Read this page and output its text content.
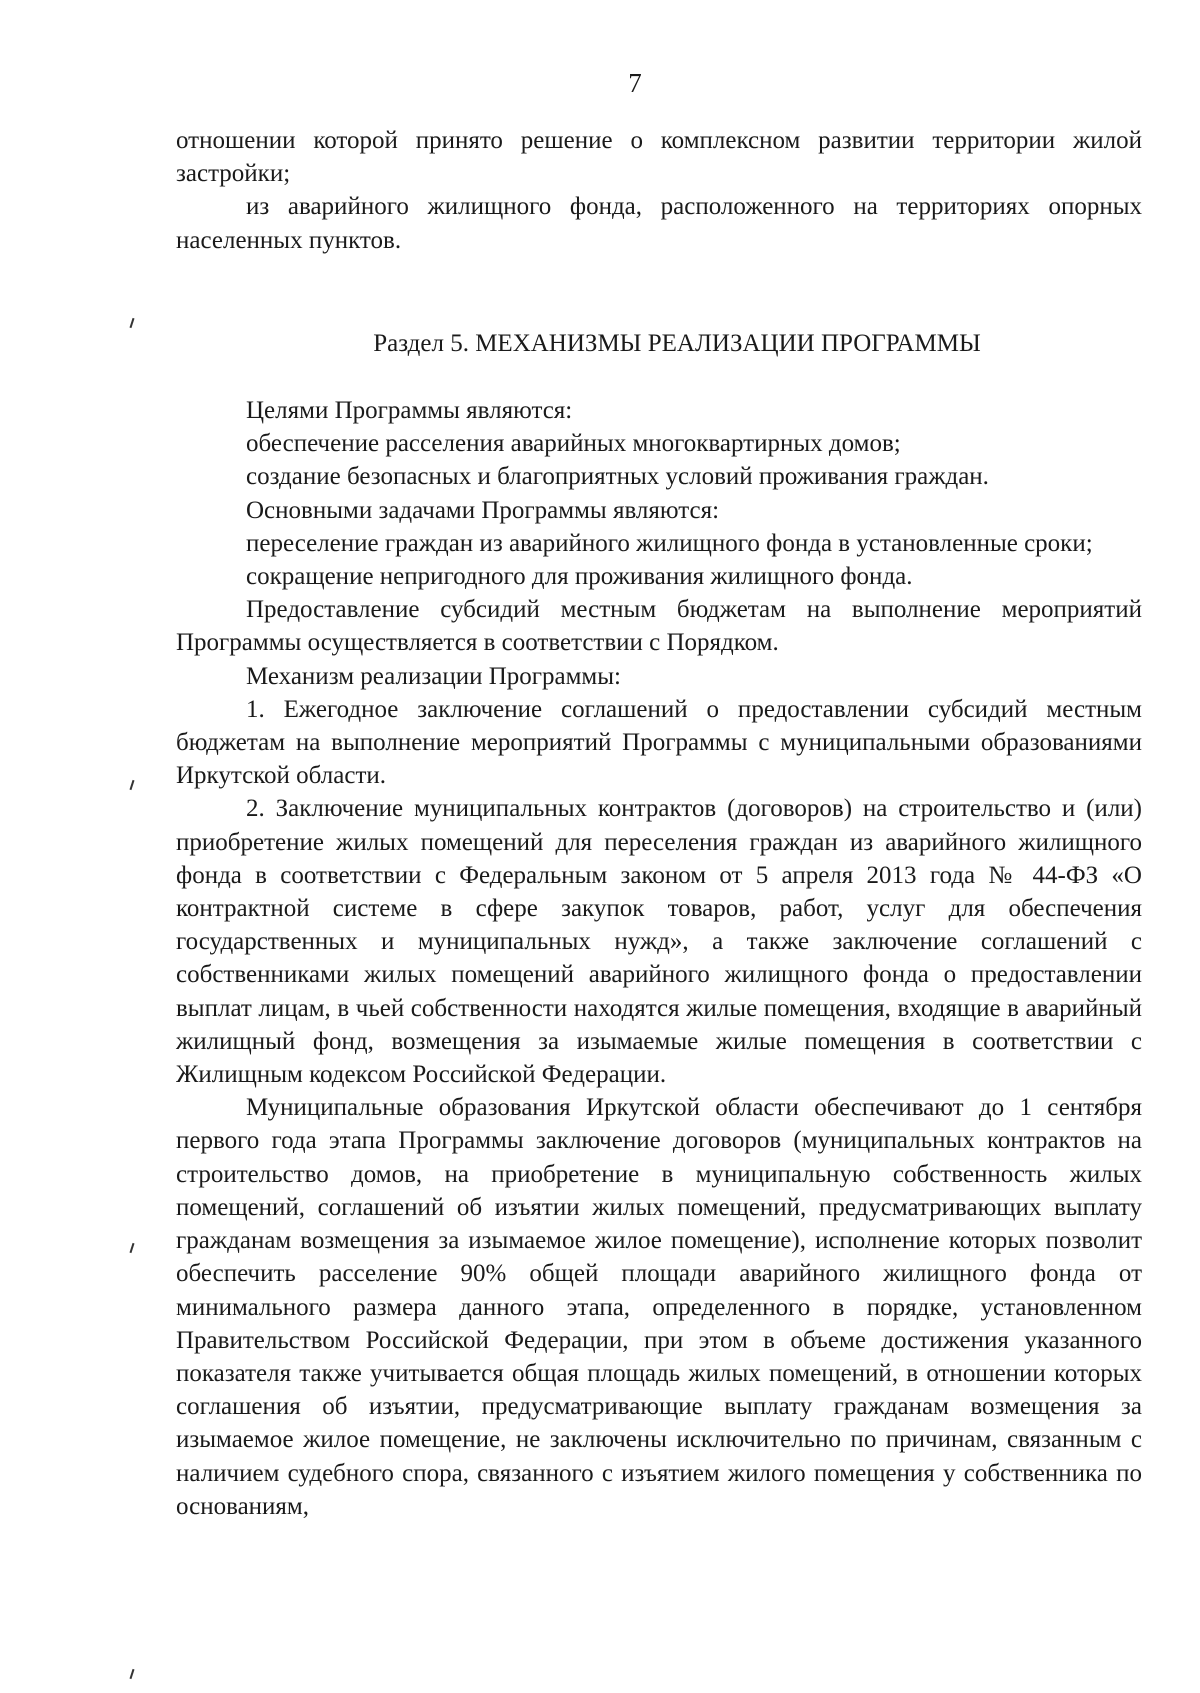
7

отношении которой принято решение о комплексном развитии территории жилой застройки;

из аварийного жилищного фонда, расположенного на территориях опорных населенных пунктов.

Раздел 5. МЕХАНИЗМЫ РЕАЛИЗАЦИИ ПРОГРАММЫ

Целями Программы являются:

обеспечение расселения аварийных многоквартирных домов;

создание безопасных и благоприятных условий проживания граждан.

Основными задачами Программы являются:

переселение граждан из аварийного жилищного фонда в установленные сроки;

сокращение непригодного для проживания жилищного фонда.

Предоставление субсидий местным бюджетам на выполнение мероприятий Программы осуществляется в соответствии с Порядком.

Механизм реализации Программы:

1. Ежегодное заключение соглашений о предоставлении субсидий местным бюджетам на выполнение мероприятий Программы с муниципальными образованиями Иркутской области.

2. Заключение муниципальных контрактов (договоров) на строительство и (или) приобретение жилых помещений для переселения граждан из аварийного жилищного фонда в соответствии с Федеральным законом от 5 апреля 2013 года № 44-ФЗ «О контрактной системе в сфере закупок товаров, работ, услуг для обеспечения государственных и муниципальных нужд», а также заключение соглашений с собственниками жилых помещений аварийного жилищного фонда о предоставлении выплат лицам, в чьей собственности находятся жилые помещения, входящие в аварийный жилищный фонд, возмещения за изымаемые жилые помещения в соответствии с Жилищным кодексом Российской Федерации.

Муниципальные образования Иркутской области обеспечивают до 1 сентября первого года этапа Программы заключение договоров (муниципальных контрактов на строительство домов, на приобретение в муниципальную собственность жилых помещений, соглашений об изъятии жилых помещений, предусматривающих выплату гражданам возмещения за изымаемое жилое помещение), исполнение которых позволит обеспечить расселение 90% общей площади аварийного жилищного фонда от минимального размера данного этапа, определенного в порядке, установленном Правительством Российской Федерации, при этом в объеме достижения указанного показателя также учитывается общая площадь жилых помещений, в отношении которых соглашения об изъятии, предусматривающие выплату гражданам возмещения за изымаемое жилое помещение, не заключены исключительно по причинам, связанным с наличием судебного спора, связанного с изъятием жилого помещения у собственника по основаниям,
